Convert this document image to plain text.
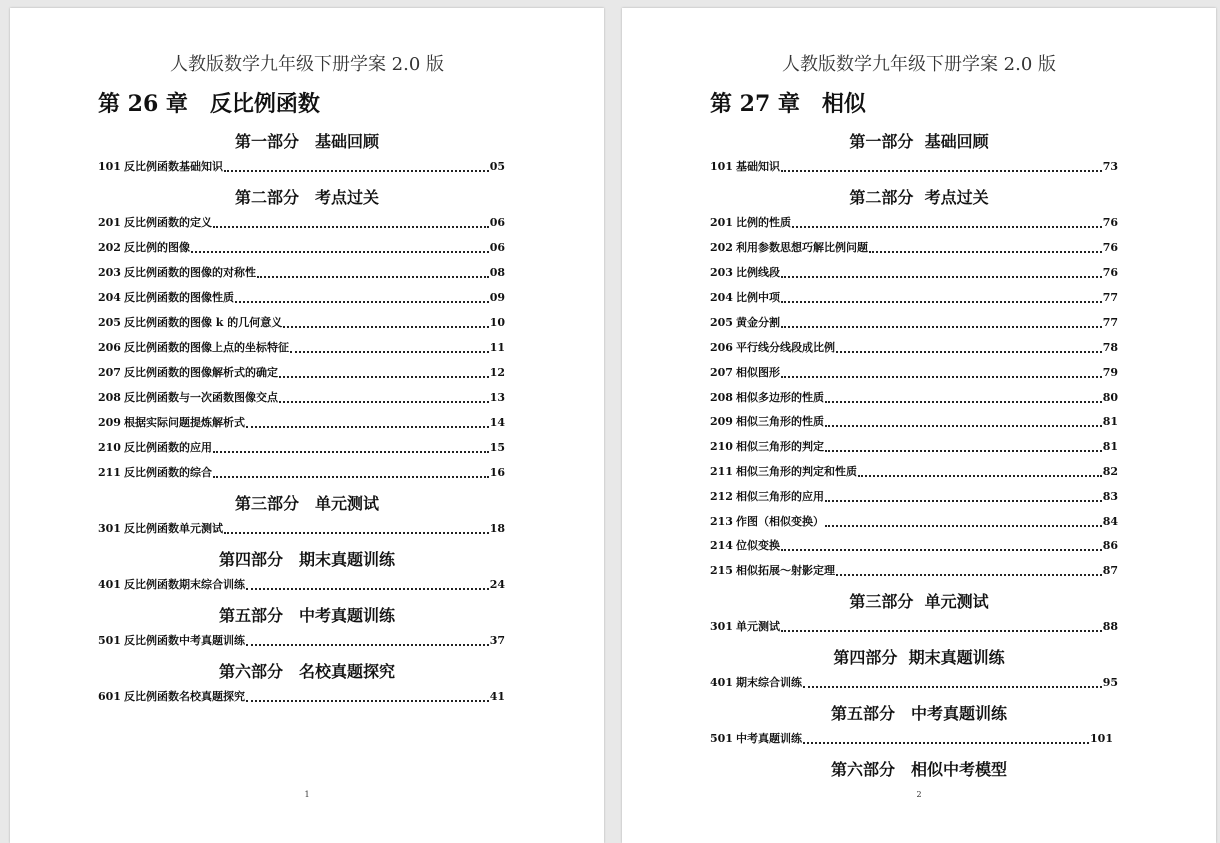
人教版数学九年级下册学案 2.0 版
第 26 章　反比例函数
第一部分　基础回顾
101 反比例函数基础知识	05
第二部分　考点过关
201 反比例函数的定义	06
202 反比例的图像	06
203 反比例函数的图像的对称性	08
204 反比例函数的图像性质	09
205 反比例函数的图像 k 的几何意义	10
206 反比例函数的图像上点的坐标特征	11
207 反比例函数的图像解析式的确定	12
208 反比例函数与一次函数图像交点	13
209 根据实际问题提炼解析式	14
210 反比例函数的应用	15
211 反比例函数的综合	16
第三部分　单元测试
301 反比例函数单元测试	18
第四部分　期末真题训练
401 反比例函数期末综合训练	24
第五部分　中考真题训练
501 反比例函数中考真题训练	37
第六部分　名校真题探究
601 反比例函数名校真题探究	41
1
人教版数学九年级下册学案 2.0 版
第 27 章　相似
第一部分  基础回顾
101 基础知识	73
第二部分  考点过关
201 比例的性质	76
202 利用参数思想巧解比例问题	76
203 比例线段	76
204 比例中项	77
205 黄金分割	77
206 平行线分线段成比例	78
207 相似图形	79
208 相似多边形的性质	80
209 相似三角形的性质	81
210 相似三角形的判定	81
211 相似三角形的判定和性质	82
212 相似三角形的应用	83
213 作图（相似变换）	84
214 位似变换	86
215 相似拓展～射影定理	87
第三部分  单元测试
301 单元测试	88
第四部分  期末真题训练
401 期末综合训练	95
第五部分　中考真题训练
501 中考真题训练	101
第六部分　相似中考模型
2
